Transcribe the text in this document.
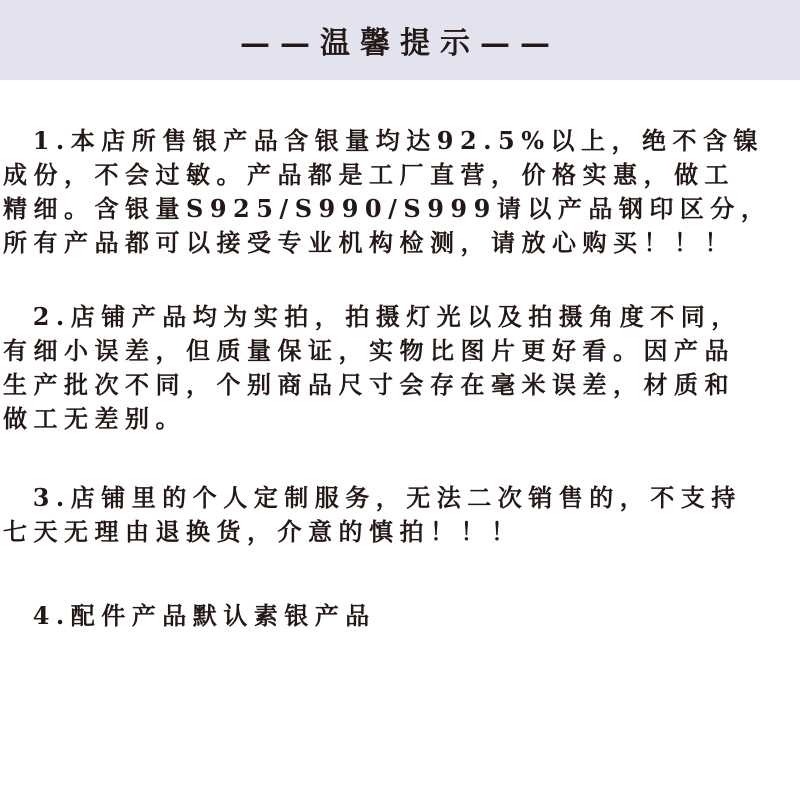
——温馨提示——
1.本店所售银产品含银量均达92.5%以上，绝不含镍
成份，不会过敏。产品都是工厂直营，价格实惠，做工
精细。含银量S925/S990/S999请以产品钢印区分，
所有产品都可以接受专业机构检测，请放心购买！！！
2.店铺产品均为实拍，拍摄灯光以及拍摄角度不同，
有细小误差，但质量保证，实物比图片更好看。因产品
生产批次不同，个别商品尺寸会存在毫米误差，材质和
做工无差别。
3.店铺里的个人定制服务，无法二次销售的，不支持
七天无理由退换货，介意的慎拍！！！
4.配件产品默认素银产品
